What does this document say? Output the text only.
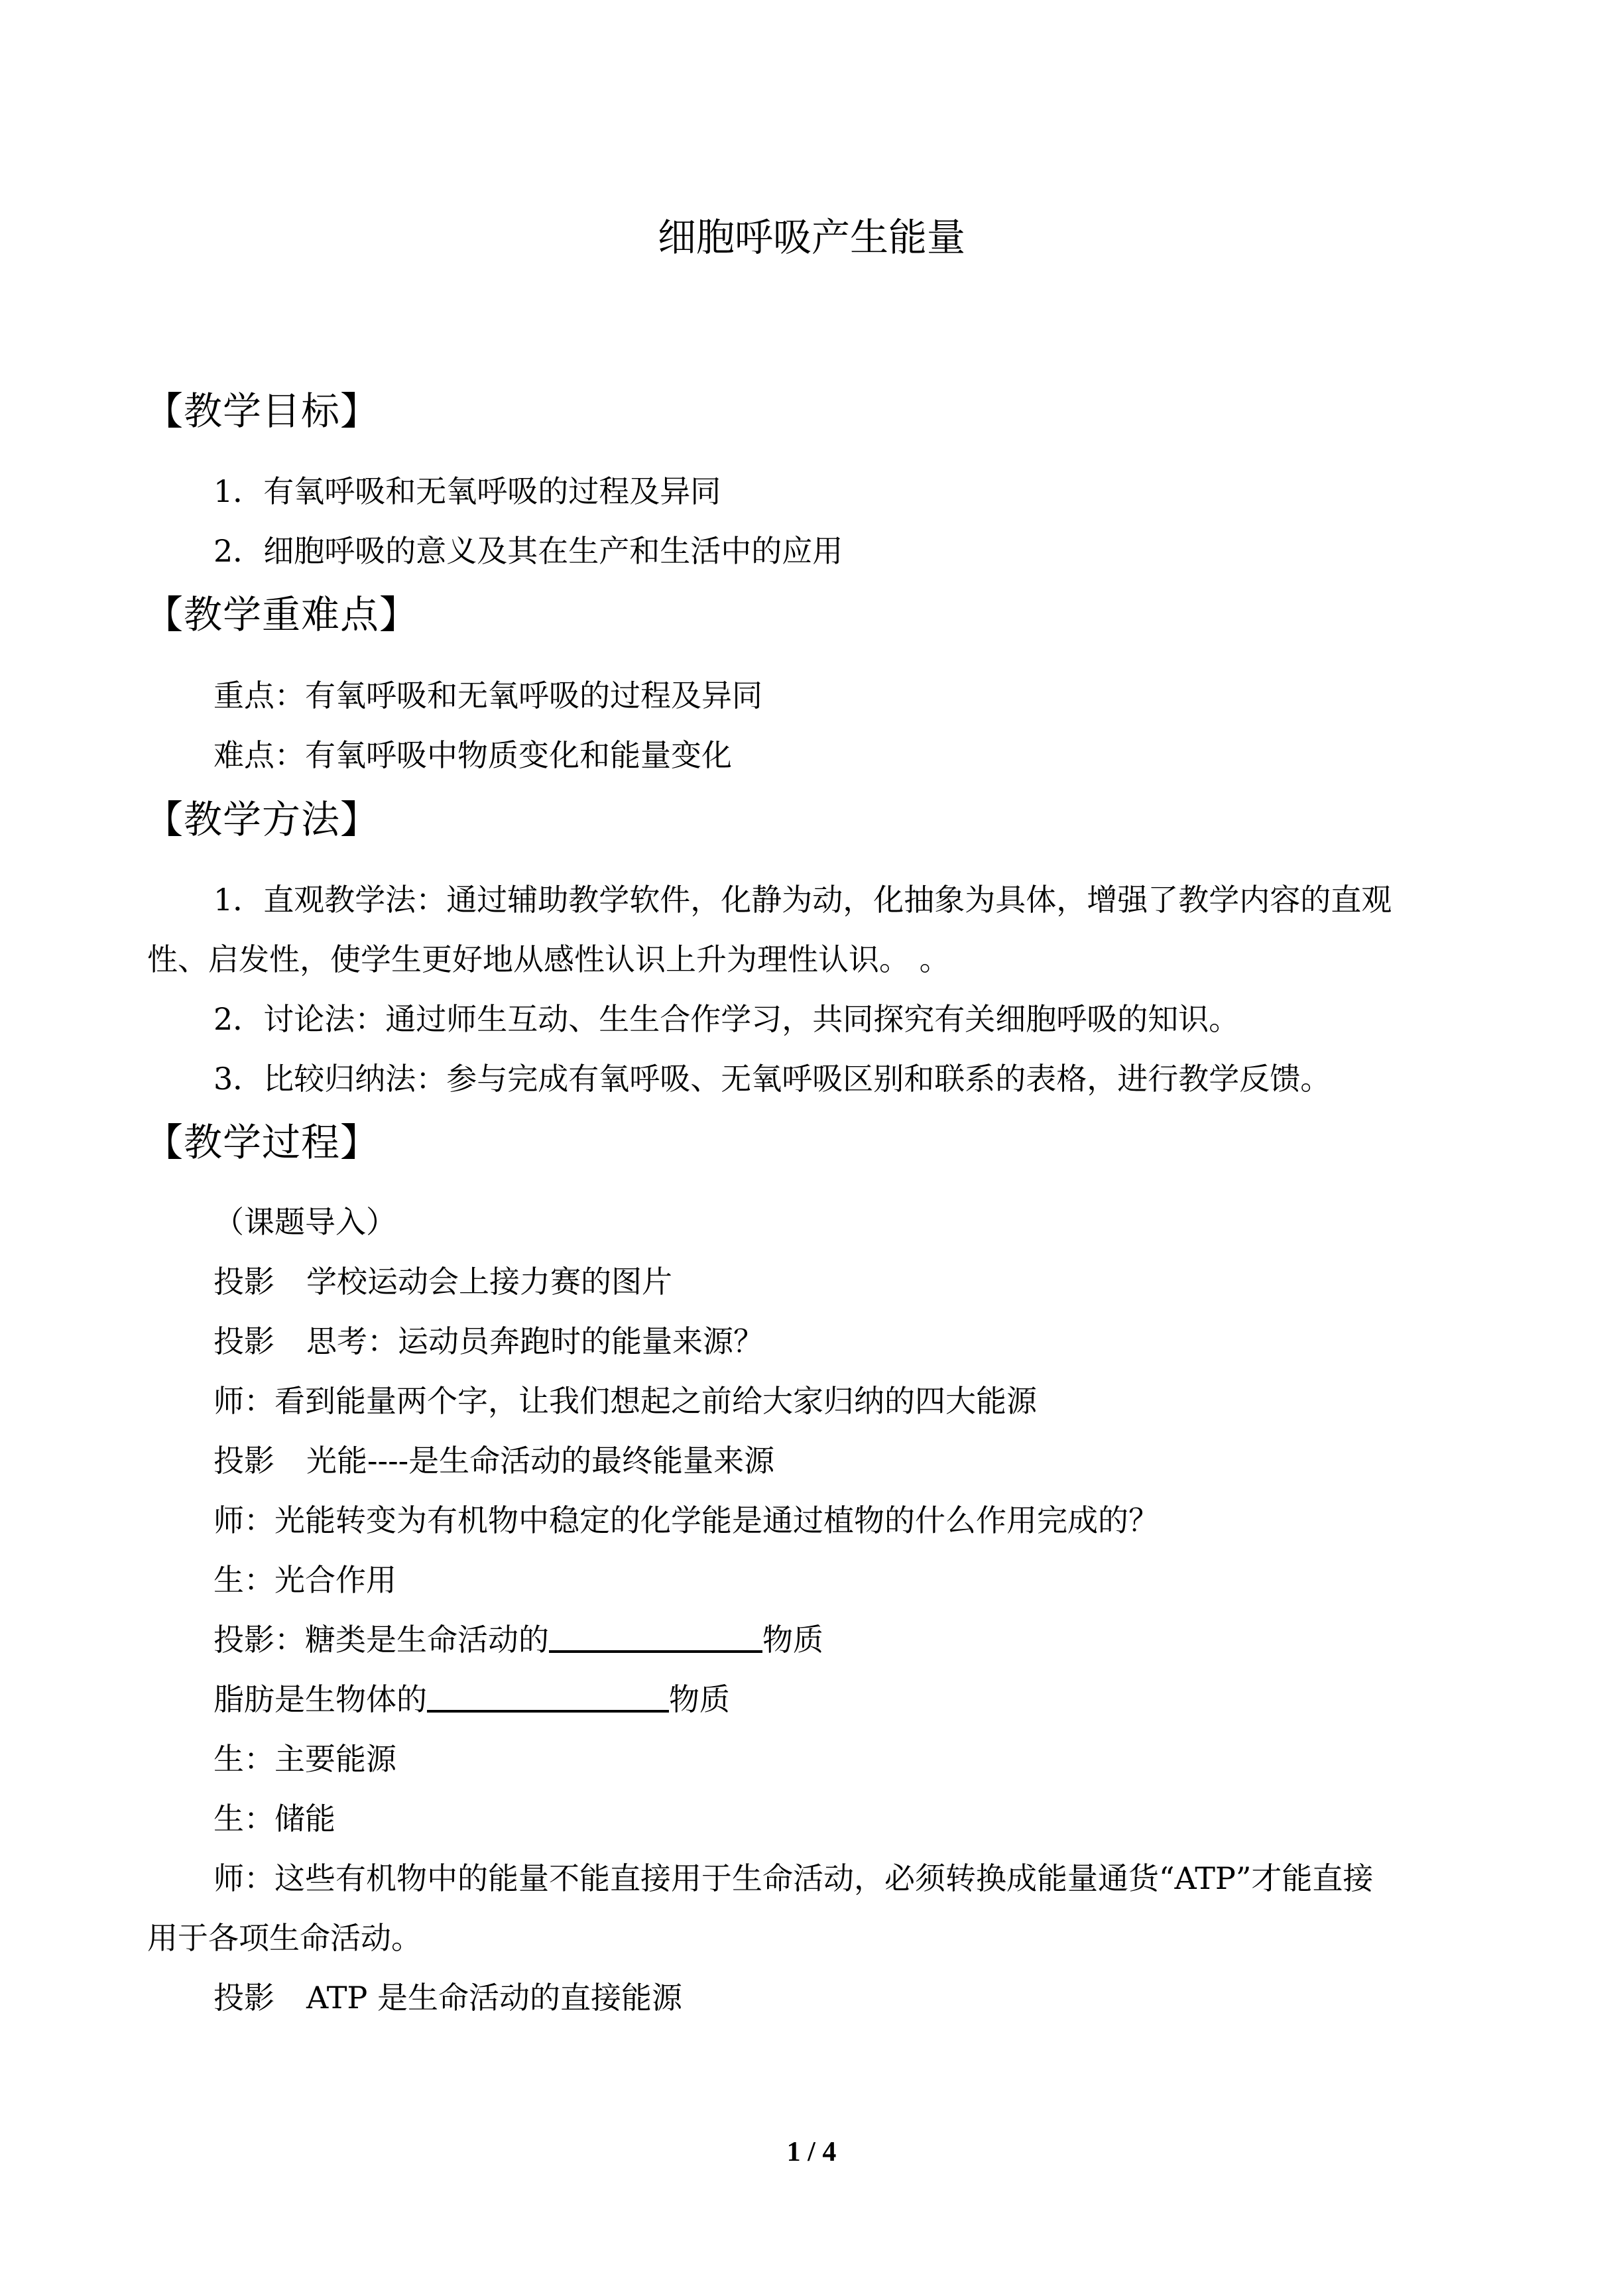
细胞呼吸产生能量
【教学目标】
1．有氧呼吸和无氧呼吸的过程及异同
2．细胞呼吸的意义及其在生产和生活中的应用
【教学重难点】
重点：有氧呼吸和无氧呼吸的过程及异同
难点：有氧呼吸中物质变化和能量变化
【教学方法】
1．直观教学法：通过辅助教学软件，化静为动，化抽象为具体，增强了教学内容的直观
性、启发性，使学生更好地从感性认识上升为理性认识。 。
2．讨论法：通过师生互动、生生合作学习，共同探究有关细胞呼吸的知识。
3．比较归纳法：参与完成有氧呼吸、无氧呼吸区别和联系的表格，进行教学反馈。
【教学过程】
（课题导入）
投影 学校运动会上接力赛的图片
投影 思考：运动员奔跑时的能量来源？
师：看到能量两个字，让我们想起之前给大家归纳的四大能源
投影 光能----是生命活动的最终能量来源
师：光能转变为有机物中稳定的化学能是通过植物的什么作用完成的？
生：光合作用
投影：糖类是生命活动的	物质
脂肪是生物体的	物质
生：主要能源
生：储能
师：这些有机物中的能量不能直接用于生命活动，必须转换成能量通货“ATP”才能直接
用于各项生命活动。
投影 ATP 是生命活动的直接能源
1 / 4
